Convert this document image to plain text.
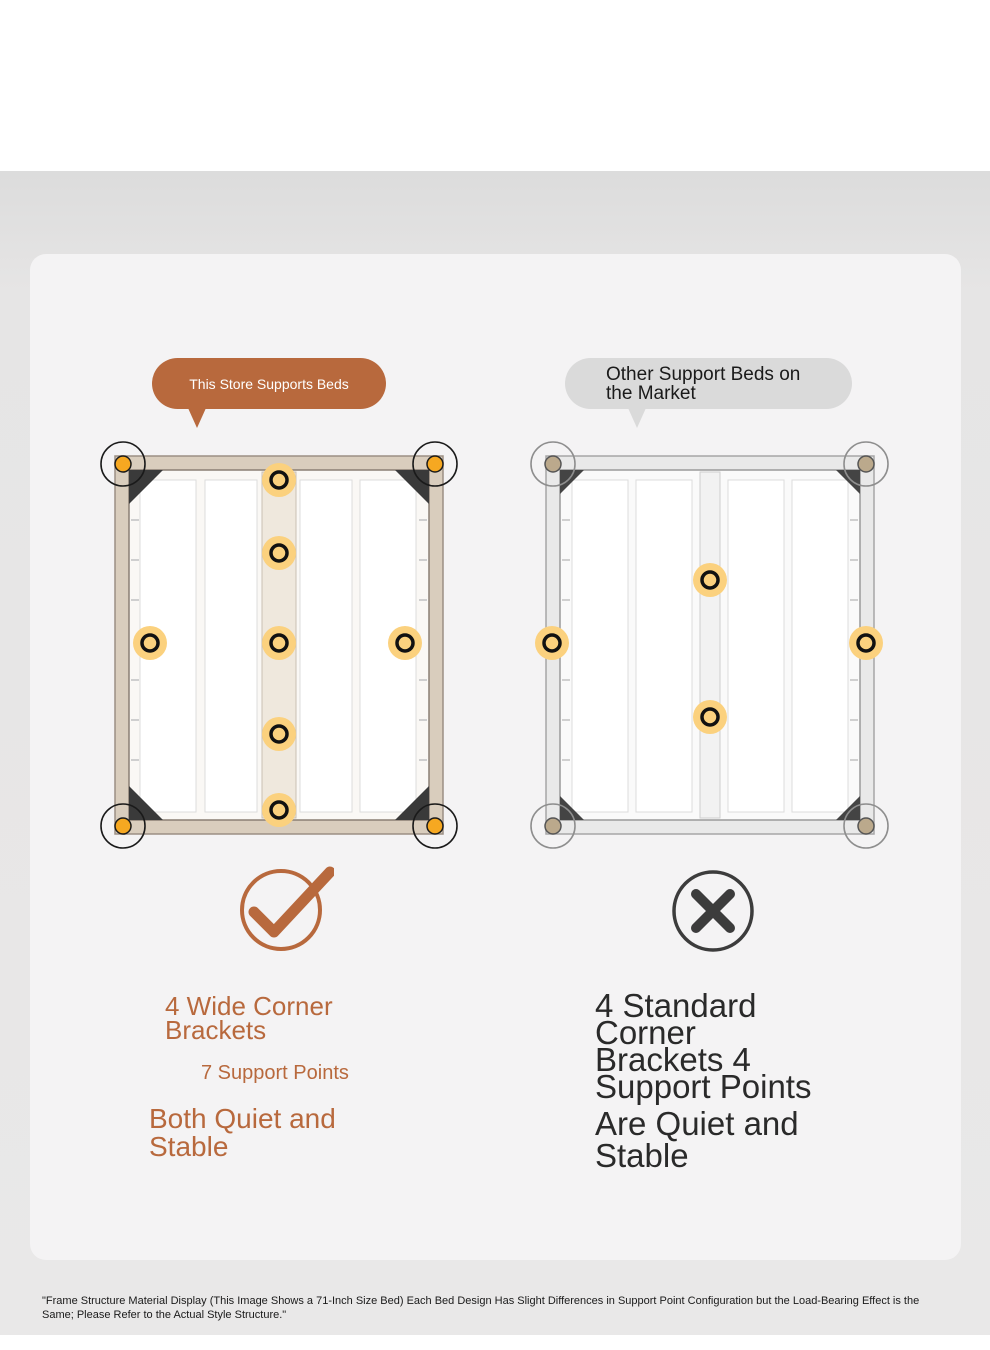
This Store Supports Beds	Other Support Beds on the Market

4 Wide Corner Brackets

7 Support Points

Both Quiet and Stable

4 Standard Corner Brackets 4 Support Points

Are Quiet and Stable

"Frame Structure Material Display (This Image Shows a 71-Inch Size Bed) Each Bed Design Has Slight Differences in Support Point Configuration but the Load-Bearing Effect is the Same; Please Refer to the Actual Style Structure."
